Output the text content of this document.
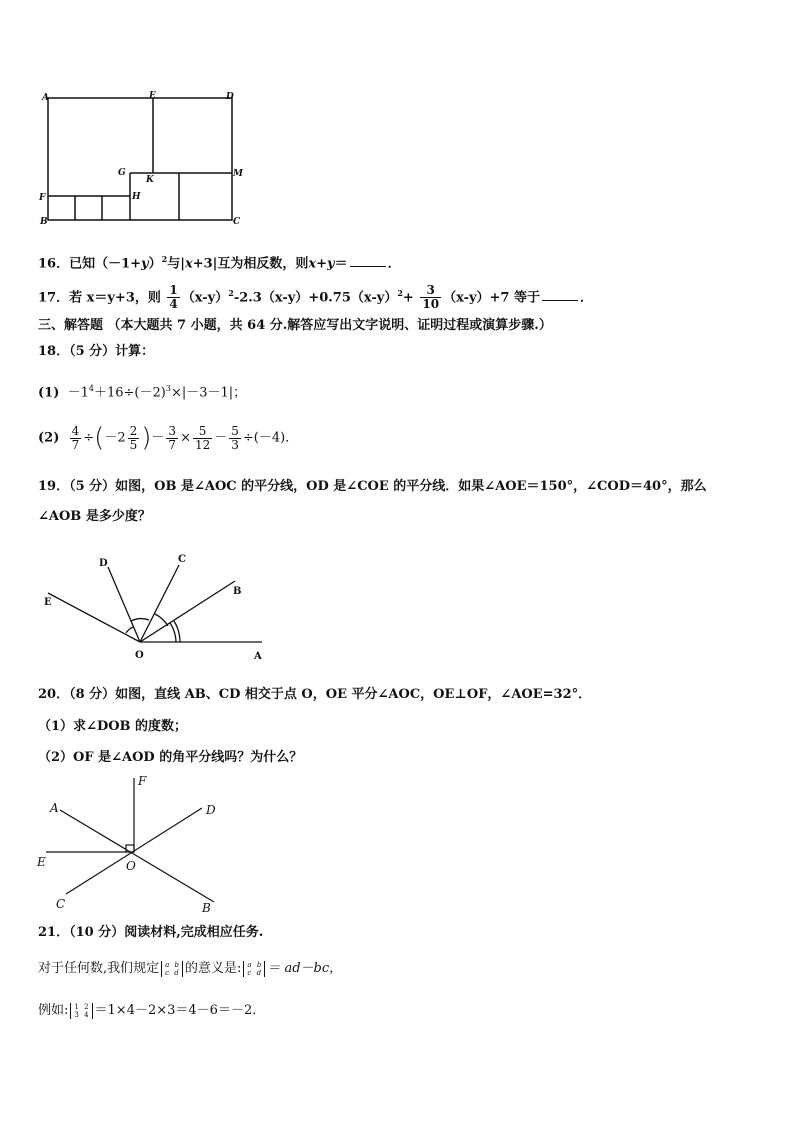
A	E	D
G
K
M
F	H
B	C
16．已知$(-1+y)^2$与|x+3|互为相反数，则x+y＝	．
17．若 x＝y+3，则 $\frac{1}{4} (x-y)^2-2.3(x-y)+0.75(x-y)^2+ \frac{3}{10} (x-y)+7$ 等于	．
三、解答题 （本大题共 7 小题，共 64 分.解答应写出文字说明、证明过程或演算步骤.）
18．（5 分）计算：
$(1) -1^4+16\div(-2)^3\times|-3-1|$；
$(2) \frac{4}{7} \div(-2 \frac{2}{5}$ )－ $\frac{3}{7} \times \frac{5}{12} - \frac{5}{3} \div(-4)$．
19．（5 分）如图，OB 是∠AOC 的平分线，OD 是∠COE 的平分线．如果∠AOE＝150°，∠COD＝40°，那么
∠AOB 是多少度？
D	C
E
B
O	A
20．（8 分）如图，直线 AB、CD 相交于点 O，OE 平分∠AOC，OE⊥OF，∠AOE=32°．
（1）求∠DOB 的度数；
（2）OF 是∠AOD 的角平分线吗？为什么？
F
A	D
E	O
C	B
21．（10 分）阅读材料,完成相应任务.
对于任何数,我们规定 a b
c d 的意义是: a b
c d ＝ ad－bc，
例如: 1 2
3 4 ＝1×4－2×3＝4－6＝－2．
